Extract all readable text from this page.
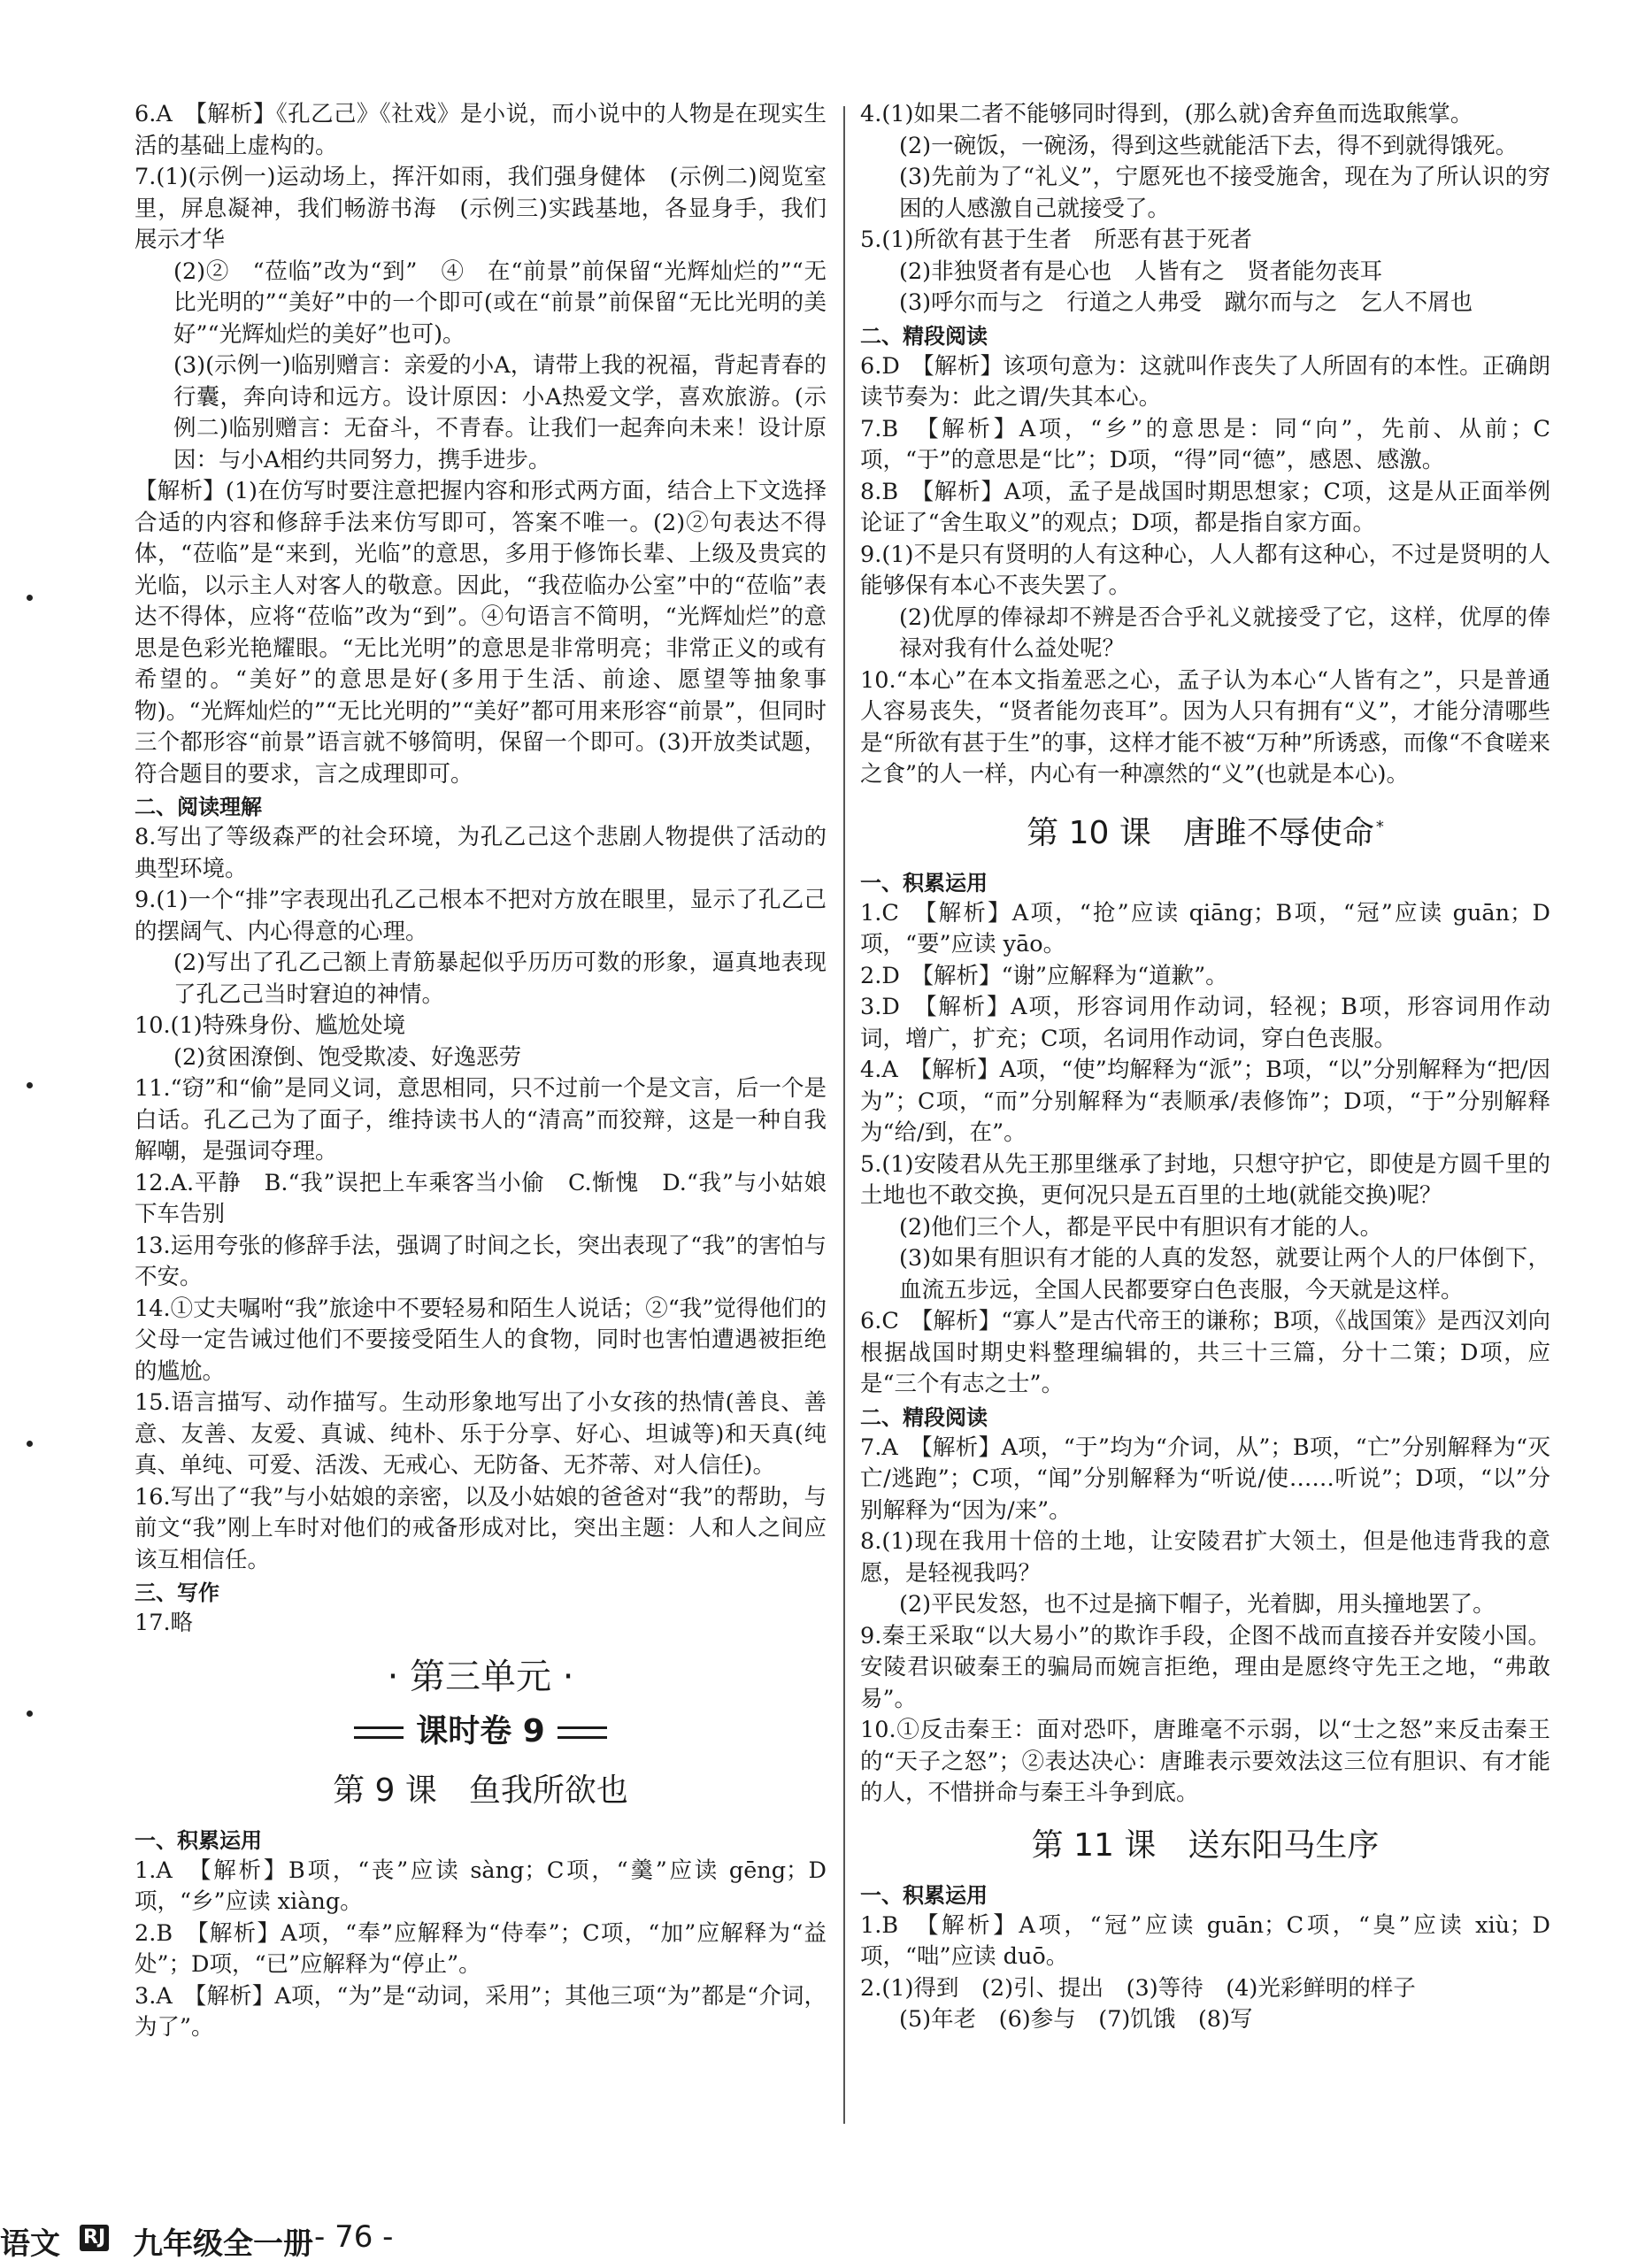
6.A　【解析】《孔乙己》《社戏》是小说，而小说中的人物是在现实生活的基础上虚构的。

7.(1)(示例一)运动场上，挥汗如雨，我们强身健体　(示例二)阅览室里，屏息凝神，我们畅游书海　(示例三)实践基地，各显身手，我们展示才华

(2)②　“莅临”改为“到”　④　在“前景”前保留“光辉灿烂的”“无比光明的”“美好”中的一个即可(或在“前景”前保留“无比光明的美好”“光辉灿烂的美好”也可)。

(3)(示例一)临别赠言：亲爱的小A，请带上我的祝福，背起青春的行囊，奔向诗和远方。设计原因：小A热爱文学，喜欢旅游。(示例二)临别赠言：无奋斗，不青春。让我们一起奔向未来！设计原因：与小A相约共同努力，携手进步。

【解析】(1)在仿写时要注意把握内容和形式两方面，结合上下文选择合适的内容和修辞手法来仿写即可，答案不唯一。(2)②句表达不得体，“莅临”是“来到，光临”的意思，多用于修饰长辈、上级及贵宾的光临，以示主人对客人的敬意。因此，“我莅临办公室”中的“莅临”表达不得体，应将“莅临”改为“到”。④句语言不简明，“光辉灿烂”的意思是色彩光艳耀眼。“无比光明”的意思是非常明亮；非常正义的或有希望的。“美好”的意思是好(多用于生活、前途、愿望等抽象事物)。“光辉灿烂的”“无比光明的”“美好”都可用来形容“前景”，但同时三个都形容“前景”语言就不够简明，保留一个即可。(3)开放类试题，符合题目的要求，言之成理即可。

二、阅读理解

8.写出了等级森严的社会环境，为孔乙己这个悲剧人物提供了活动的典型环境。

9.(1)一个“排”字表现出孔乙己根本不把对方放在眼里，显示了孔乙己的摆阔气、内心得意的心理。

(2)写出了孔乙己额上青筋暴起似乎历历可数的形象，逼真地表现了孔乙己当时窘迫的神情。

10.(1)特殊身份、尴尬处境

(2)贫困潦倒、饱受欺凌、好逸恶劳

11.“窃”和“偷”是同义词，意思相同，只不过前一个是文言，后一个是白话。孔乙己为了面子，维持读书人的“清高”而狡辩，这是一种自我解嘲，是强词夺理。

12.A.平静　B.“我”误把上车乘客当小偷　C.惭愧　D.“我”与小姑娘下车告别

13.运用夸张的修辞手法，强调了时间之长，突出表现了“我”的害怕与不安。

14.①丈夫嘱咐“我”旅途中不要轻易和陌生人说话；②“我”觉得他们的父母一定告诫过他们不要接受陌生人的食物，同时也害怕遭遇被拒绝的尴尬。

15.语言描写、动作描写。生动形象地写出了小女孩的热情(善良、善意、友善、友爱、真诚、纯朴、乐于分享、好心、坦诚等)和天真(纯真、单纯、可爱、活泼、无戒心、无防备、无芥蒂、对人信任)。

16.写出了“我”与小姑娘的亲密，以及小姑娘的爸爸对“我”的帮助，与前文“我”刚上车时对他们的戒备形成对比，突出主题：人和人之间应该互相信任。

三、写作

17.略

· 第三单元 ·
课时卷 9
第 9 课　鱼我所欲也
一、积累运用

1.A　【解析】B项，“丧”应读 sàng；C项，“羹”应读 gēng；D项，“乡”应读 xiàng。

2.B　【解析】A项，“奉”应解释为“侍奉”；C项，“加”应解释为“益处”；D项，“已”应解释为“停止”。

3.A　【解析】A项，“为”是“动词，采用”；其他三项“为”都是“介词，为了”。

4.(1)如果二者不能够同时得到，(那么就)舍弃鱼而选取熊掌。

(2)一碗饭，一碗汤，得到这些就能活下去，得不到就得饿死。

(3)先前为了“礼义”，宁愿死也不接受施舍，现在为了所认识的穷困的人感激自己就接受了。

5.(1)所欲有甚于生者　所恶有甚于死者

(2)非独贤者有是心也　人皆有之　贤者能勿丧耳

(3)呼尔而与之　行道之人弗受　蹴尔而与之　乞人不屑也

二、精段阅读

6.D　【解析】该项句意为：这就叫作丧失了人所固有的本性。正确朗读节奏为：此之谓/失其本心。

7.B　【解析】A项，“乡”的意思是：同“向”，先前、从前；C项，“于”的意思是“比”；D项，“得”同“德”，感恩、感激。

8.B　【解析】A项，孟子是战国时期思想家；C项，这是从正面举例论证了“舍生取义”的观点；D项，都是指自家方面。

9.(1)不是只有贤明的人有这种心，人人都有这种心，不过是贤明的人能够保有本心不丧失罢了。

(2)优厚的俸禄却不辨是否合乎礼义就接受了它，这样，优厚的俸禄对我有什么益处呢？

10.“本心”在本文指羞恶之心，孟子认为本心“人皆有之”，只是普通人容易丧失，“贤者能勿丧耳”。因为人只有拥有“义”，才能分清哪些是“所欲有甚于生”的事，这样才能不被“万种”所诱惑，而像“不食嗟来之食”的人一样，内心有一种凛然的“义”(也就是本心)。

第 10 课　唐雎不辱使命 *
一、积累运用

1.C　【解析】A项，“抢”应读 qiāng；B项，“冠”应读 guān；D项，“要”应读 yāo。

2.D　【解析】“谢”应解释为“道歉”。

3.D　【解析】A项，形容词用作动词，轻视；B项，形容词用作动词，增广，扩充；C项，名词用作动词，穿白色丧服。

4.A　【解析】A项，“使”均解释为“派”；B项，“以”分别解释为“把/因为”；C项，“而”分别解释为“表顺承/表修饰”；D项，“于”分别解释为“给/到，在”。

5.(1)安陵君从先王那里继承了封地，只想守护它，即使是方圆千里的土地也不敢交换，更何况只是五百里的土地(就能交换)呢？

(2)他们三个人，都是平民中有胆识有才能的人。

(3)如果有胆识有才能的人真的发怒，就要让两个人的尸体倒下，血流五步远，全国人民都要穿白色丧服，今天就是这样。

6.C　【解析】“寡人”是古代帝王的谦称；B项，《战国策》是西汉刘向根据战国时期史料整理编辑的，共三十三篇，分十二策；D项，应是“三个有志之士”。

二、精段阅读

7.A　【解析】A项，“于”均为“介词，从”；B项，“亡”分别解释为“灭亡/逃跑”；C项，“闻”分别解释为“听说/使……听说”；D项，“以”分别解释为“因为/来”。

8.(1)现在我用十倍的土地，让安陵君扩大领土，但是他违背我的意愿，是轻视我吗？

(2)平民发怒，也不过是摘下帽子，光着脚，用头撞地罢了。

9.秦王采取“以大易小”的欺诈手段，企图不战而直接吞并安陵小国。安陵君识破秦王的骗局而婉言拒绝，理由是愿终守先王之地，“弗敢易”。

10.①反击秦王：面对恐吓，唐雎毫不示弱，以“士之怒”来反击秦王的“天子之怒”；②表达决心：唐雎表示要效法这三位有胆识、有才能的人，不惜拼命与秦王斗争到底。

第 11 课　送东阳马生序
一、积累运用

1.B　【解析】A项，“冠”应读 guān；C项，“臭”应读 xiù；D项，“咄”应读 duō。

2.(1)得到　(2)引、提出　(3)等待　(4)光彩鲜明的样子

(5)年老　(6)参与　(7)饥饿　(8)写

语文 RJ 九年级全一册 - 76 -
